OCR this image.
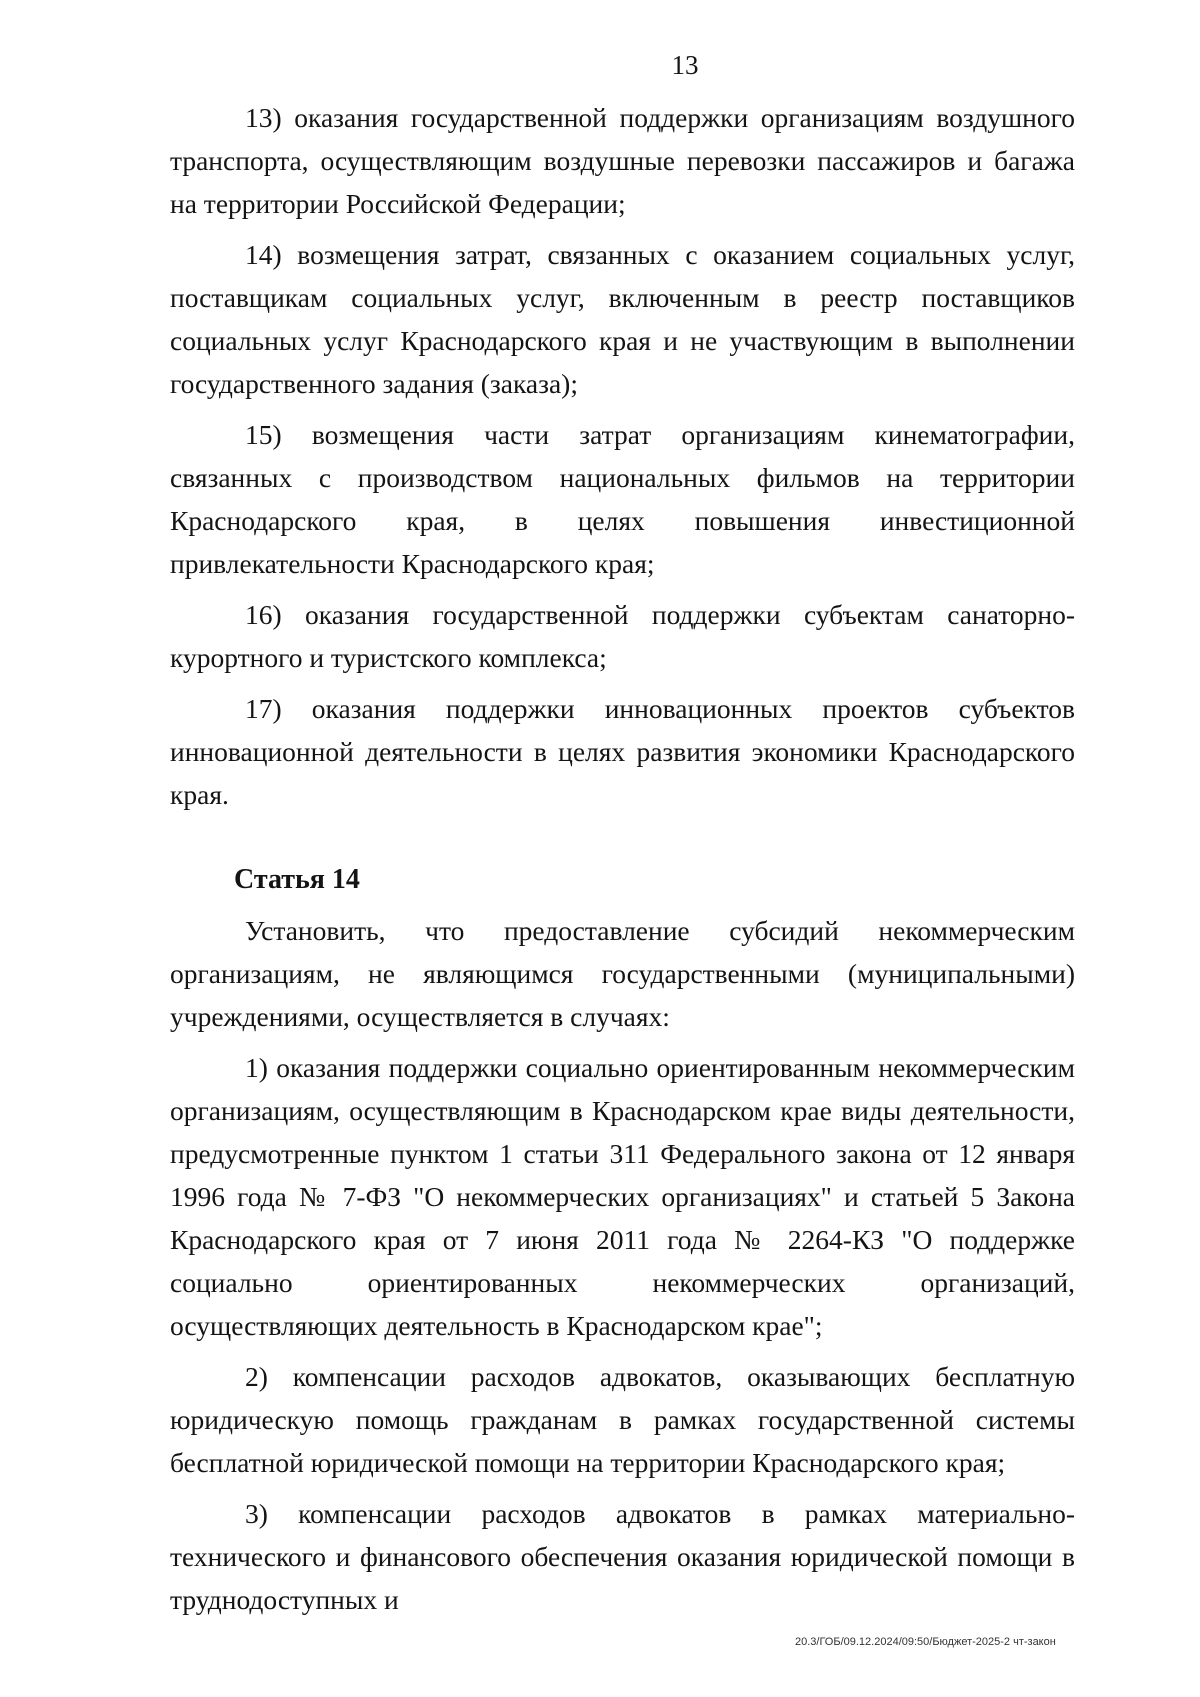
13

13) оказания государственной поддержки организациям воздушного транспорта, осуществляющим воздушные перевозки пассажиров и багажа на территории Российской Федерации;

14) возмещения затрат, связанных с оказанием социальных услуг, поставщикам социальных услуг, включенным в реестр поставщиков социальных услуг Краснодарского края и не участвующим в выполнении государственного задания (заказа);

15) возмещения части затрат организациям кинематографии, связанных с производством национальных фильмов на территории Краснодарского края, в целях повышения инвестиционной привлекательности Краснодарского края;

16) оказания государственной поддержки субъектам санаторно-курортного и туристского комплекса;

17) оказания поддержки инновационных проектов субъектов инновационной деятельности в целях развития экономики Краснодарского края.

Статья 14

Установить, что предоставление субсидий некоммерческим организациям, не являющимся государственными (муниципальными) учреждениями, осуществляется в случаях:

1) оказания поддержки социально ориентированным некоммерческим организациям, осуществляющим в Краснодарском крае виды деятельности, предусмотренные пунктом 1 статьи 311 Федерального закона от 12 января 1996 года № 7-ФЗ "О некоммерческих организациях" и статьей 5 Закона Краснодарского края от 7 июня 2011 года № 2264-КЗ "О поддержке социально ориентированных некоммерческих организаций, осуществляющих деятельность в Краснодарском крае";

2) компенсации расходов адвокатов, оказывающих бесплатную юридическую помощь гражданам в рамках государственной системы бесплатной юридической помощи на территории Краснодарского края;

3) компенсации расходов адвокатов в рамках материально-технического и финансового обеспечения оказания юридической помощи в труднодоступных и

20.3/ГОБ/09.12.2024/09:50/Бюджет-2025-2 чт-закон
